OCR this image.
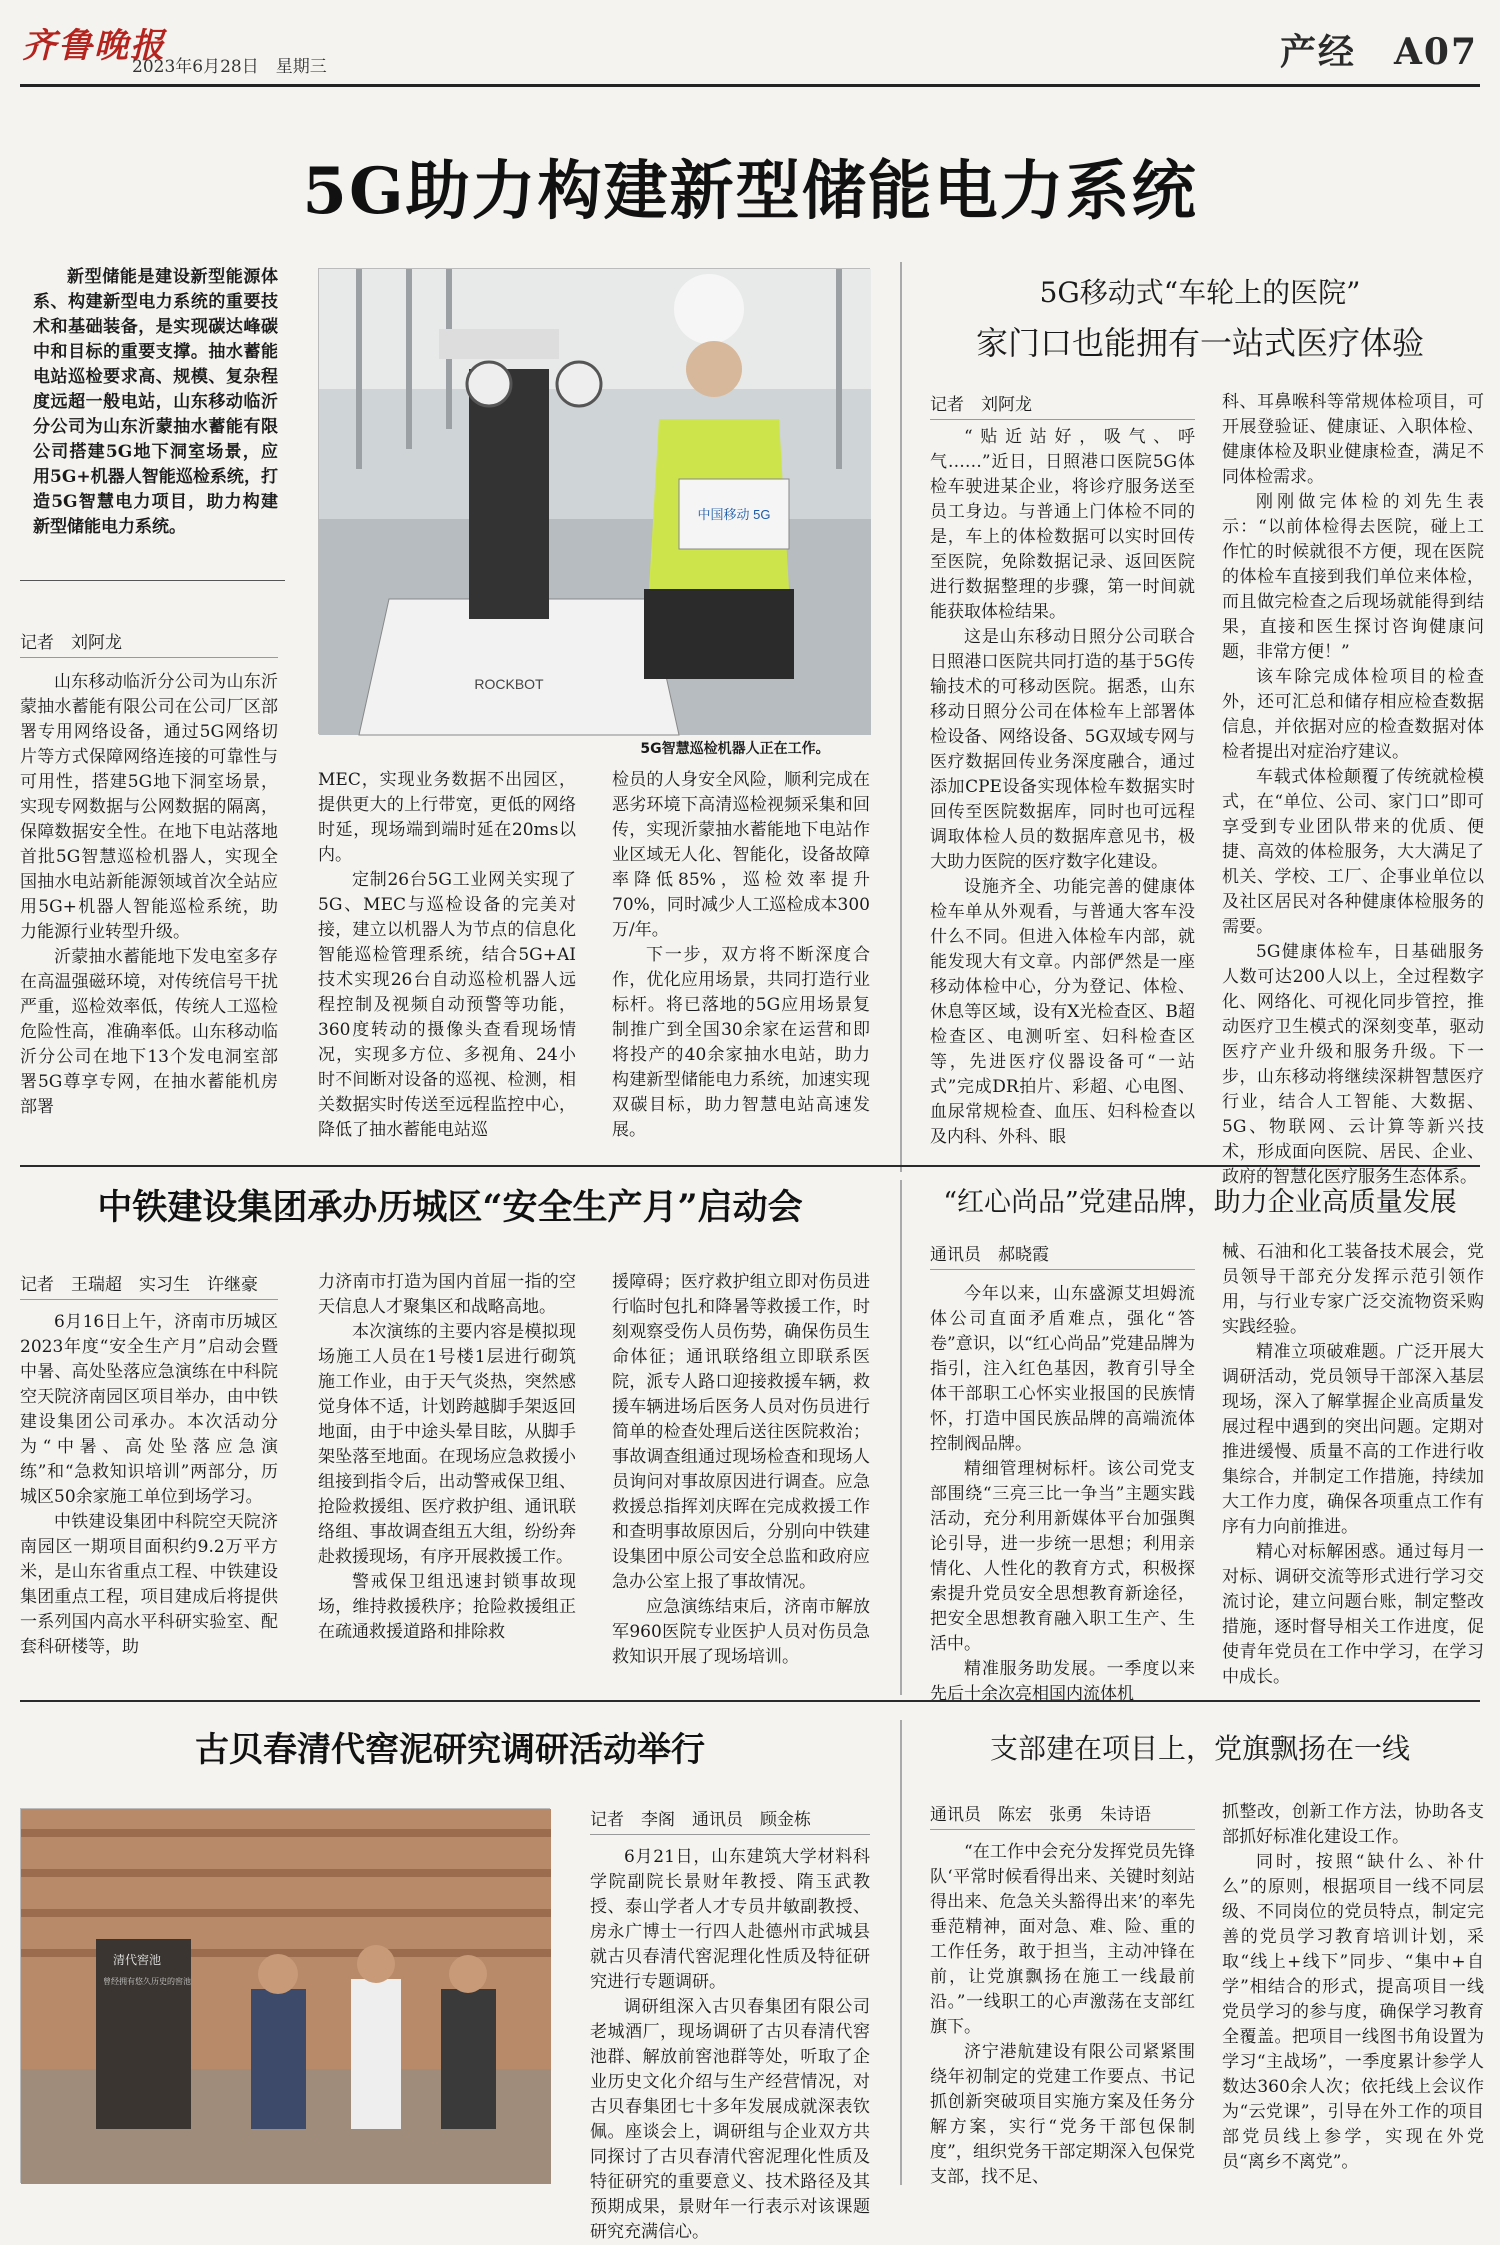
齐鲁晚报
2023年6月28日　 星期三	产经　 A07
5G助力构建新型储能电力系统
新型储能是建设新型能源体系、构建新型电力系统的重要技术和基础装备，是实现碳达峰碳中和目标的重要支撑。抽水蓄能电站巡检要求高、规模、复杂程度远超一般电站，山东移动临沂分公司为山东沂蒙抽水蓄能有限公司搭建5G地下洞室场景，应用5G+机器人智能巡检系统，打造5G智慧电力项目，助力构建新型储能电力系统。
ROCKBOT
中国移动 5G
5G智慧巡检机器人正在工作。
记者　刘阿龙

山东移动临沂分公司为山东沂蒙抽水蓄能有限公司在公司厂区部署专用网络设备，通过5G网络切片等方式保障网络连接的可靠性与可用性，搭建5G地下洞室场景，实现专网数据与公网数据的隔离，保障数据安全性。在地下电站落地首批5G智慧巡检机器人，实现全国抽水电站新能源领域首次全站应用5G+机器人智能巡检系统，助力能源行业转型升级。

沂蒙抽水蓄能地下发电室多存在高温强磁环境，对传统信号干扰严重，巡检效率低，传统人工巡检危险性高，准确率低。山东移动临沂分公司在地下13个发电洞室部署5G尊享专网，在抽水蓄能机房部署

MEC，实现业务数据不出园区，提供更大的上行带宽，更低的网络时延，现场端到端时延在20ms以内。

定制26台5G工业网关实现了5G、MEC与巡检设备的完美对接，建立以机器人为节点的信息化智能巡检管理系统，结合5G+AI技术实现26台自动巡检机器人远程控制及视频自动预警等功能，360度转动的摄像头查看现场情况，实现多方位、多视角、24小时不间断对设备的巡视、检测，相关数据实时传送至远程监控中心，降低了抽水蓄能电站巡

检员的人身安全风险，顺利完成在恶劣环境下高清巡检视频采集和回传，实现沂蒙抽水蓄能地下电站作业区域无人化、智能化，设备故障率降低85%，巡检效率提升70%，同时减少人工巡检成本300万/年。

下一步，双方将不断深度合作，优化应用场景，共同打造行业标杆。将已落地的5G应用场景复制推广到全国30余家在运营和即将投产的40余家抽水电站，助力构建新型储能电力系统，加速实现双碳目标，助力智慧电站高速发展。

5G移动式“车轮上的医院”
家门口也能拥有一站式医疗体验
记者　刘阿龙

“贴近站好，吸气、呼气……”近日，日照港口医院5G体检车驶进某企业，将诊疗服务送至员工身边。与普通上门体检不同的是，车上的体检数据可以实时回传至医院，免除数据记录、返回医院进行数据整理的步骤，第一时间就能获取体检结果。

这是山东移动日照分公司联合日照港口医院共同打造的基于5G传输技术的可移动医院。据悉，山东移动日照分公司在体检车上部署体检设备、网络设备、5G双域专网与医疗数据回传业务深度融合，通过添加CPE设备实现体检车数据实时回传至医院数据库，同时也可远程调取体检人员的数据库意见书，极大助力医院的医疗数字化建设。

设施齐全、功能完善的健康体检车单从外观看，与普通大客车没什么不同。但进入体检车内部，就能发现大有文章。内部俨然是一座移动体检中心，分为登记、体检、休息等区域，设有X光检查区、B超检查区、电测听室、妇科检查区等，先进医疗仪器设备可“一站式”完成DR拍片、彩超、心电图、血尿常规检查、血压、妇科检查以及内科、外科、眼

科、耳鼻喉科等常规体检项目，可开展登验证、健康证、入职体检、健康体检及职业健康检查，满足不同体检需求。

刚刚做完体检的刘先生表示：“以前体检得去医院，碰上工作忙的时候就很不方便，现在医院的体检车直接到我们单位来体检，而且做完检查之后现场就能得到结果，直接和医生探讨咨询健康问题，非常方便！”

该车除完成体检项目的检查外，还可汇总和储存相应检查数据信息，并依据对应的检查数据对体检者提出对症治疗建议。

车载式体检颠覆了传统就检模式，在“单位、公司、家门口”即可享受到专业团队带来的优质、便捷、高效的体检服务，大大满足了机关、学校、工厂、企事业单位以及社区居民对各种健康体检服务的需要。

5G健康体检车，日基础服务人数可达200人以上，全过程数字化、网络化、可视化同步管控，推动医疗卫生模式的深刻变革，驱动医疗产业升级和服务升级。下一步，山东移动将继续深耕智慧医疗行业，结合人工智能、大数据、5G、物联网、云计算等新兴技术，形成面向医院、居民、企业、政府的智慧化医疗服务生态体系。

中铁建设集团承办历城区“安全生产月”启动会
记者　王瑞超　实习生　许继豪

6月16日上午，济南市历城区2023年度“安全生产月”启动会暨中暑、高处坠落应急演练在中科院空天院济南园区项目举办，由中铁建设集团公司承办。本次活动分为“中暑、高处坠落应急演练”和“急救知识培训”两部分，历城区50余家施工单位到场学习。

中铁建设集团中科院空天院济南园区一期项目面积约9.2万平方米，是山东省重点工程、中铁建设集团重点工程，项目建成后将提供一系列国内高水平科研实验室、配套科研楼等，助

力济南市打造为国内首屈一指的空天信息人才聚集区和战略高地。

本次演练的主要内容是模拟现场施工人员在1号楼1层进行砌筑施工作业，由于天气炎热，突然感觉身体不适，计划跨越脚手架返回地面，由于中途头晕目眩，从脚手架坠落至地面。在现场应急救援小组接到指令后，出动警戒保卫组、抢险救援组、医疗救护组、通讯联络组、事故调查组五大组，纷纷奔赴救援现场，有序开展救援工作。

警戒保卫组迅速封锁事故现场，维持救援秩序；抢险救援组正在疏通救援道路和排除救

援障碍；医疗救护组立即对伤员进行临时包扎和降暑等救援工作，时刻观察受伤人员伤势，确保伤员生命体征；通讯联络组立即联系医院，派专人路口迎接救援车辆，救援车辆进场后医务人员对伤员进行简单的检查处理后送往医院救治；事故调查组通过现场检查和现场人员询问对事故原因进行调查。应急救援总指挥刘庆晖在完成救援工作和查明事故原因后，分别向中铁建设集团中原公司安全总监和政府应急办公室上报了事故情况。

应急演练结束后，济南市解放军960医院专业医护人员对伤员急救知识开展了现场培训。

“红心尚品”党建品牌，助力企业高质量发展
通讯员　郝晓霞

今年以来，山东盛源艾坦姆流体公司直面矛盾难点，强化“答卷”意识，以“红心尚品”党建品牌为指引，注入红色基因，教育引导全体干部职工心怀实业报国的民族情怀，打造中国民族品牌的高端流体控制阀品牌。

精细管理树标杆。该公司党支部围绕“三亮三比一争当”主题实践活动，充分利用新媒体平台加强舆论引导，进一步统一思想；利用亲情化、人性化的教育方式，积极探索提升党员安全思想教育新途径，把安全思想教育融入职工生产、生活中。

精准服务助发展。一季度以来先后十余次亮相国内流体机

械、石油和化工装备技术展会，党员领导干部充分发挥示范引领作用，与行业专家广泛交流物资采购实践经验。

精准立项破难题。广泛开展大调研活动，党员领导干部深入基层现场，深入了解掌握企业高质量发展过程中遇到的突出问题。定期对推进缓慢、质量不高的工作进行收集综合，并制定工作措施，持续加大工作力度，确保各项重点工作有序有力向前推进。

精心对标解困惑。通过每月一对标、调研交流等形式进行学习交流讨论，建立问题台账，制定整改措施，逐时督导相关工作进度，促使青年党员在工作中学习，在学习中成长。

古贝春清代窖泥研究调研活动举行
清代窖池
曾经拥有悠久历史的窖池
记者　李阁　通讯员　顾金栋

6月21日，山东建筑大学材料科学院副院长景财年教授、隋玉武教授、泰山学者人才专员井敏副教授、房永广博士一行四人赴德州市武城县就古贝春清代窖泥理化性质及特征研究进行专题调研。

调研组深入古贝春集团有限公司老城酒厂，现场调研了古贝春清代窖池群、解放前窖池群等处，听取了企业历史文化介绍与生产经营情况，对古贝春集团七十多年发展成就深表钦佩。座谈会上，调研组与企业双方共同探讨了古贝春清代窖泥理化性质及特征研究的重要意义、技术路径及其预期成果，景财年一行表示对该课题研究充满信心。

支部建在项目上，党旗飘扬在一线
通讯员　陈宏　张勇　朱诗语

“在工作中会充分发挥党员先锋队‘平常时候看得出来、关键时刻站得出来、危急关头豁得出来’的率先垂范精神，面对急、难、险、重的工作任务，敢于担当，主动冲锋在前，让党旗飘扬在施工一线最前沿。”一线职工的心声激荡在支部红旗下。

济宁港航建设有限公司紧紧围绕年初制定的党建工作要点、书记抓创新突破项目实施方案及任务分解方案，实行“党务干部包保制度”，组织党务干部定期深入包保党支部，找不足、

抓整改，创新工作方法，协助各支部抓好标准化建设工作。

同时，按照“缺什么、补什么”的原则，根据项目一线不同层级、不同岗位的党员特点，制定完善的党员学习教育培训计划，采取“线上+线下”同步、“集中+自学”相结合的形式，提高项目一线党员学习的参与度，确保学习教育全覆盖。把项目一线图书角设置为学习“主战场”，一季度累计参学人数达360余人次；依托线上会议作为“云党课”，引导在外工作的项目部党员线上参学，实现在外党员“离乡不离党”。
